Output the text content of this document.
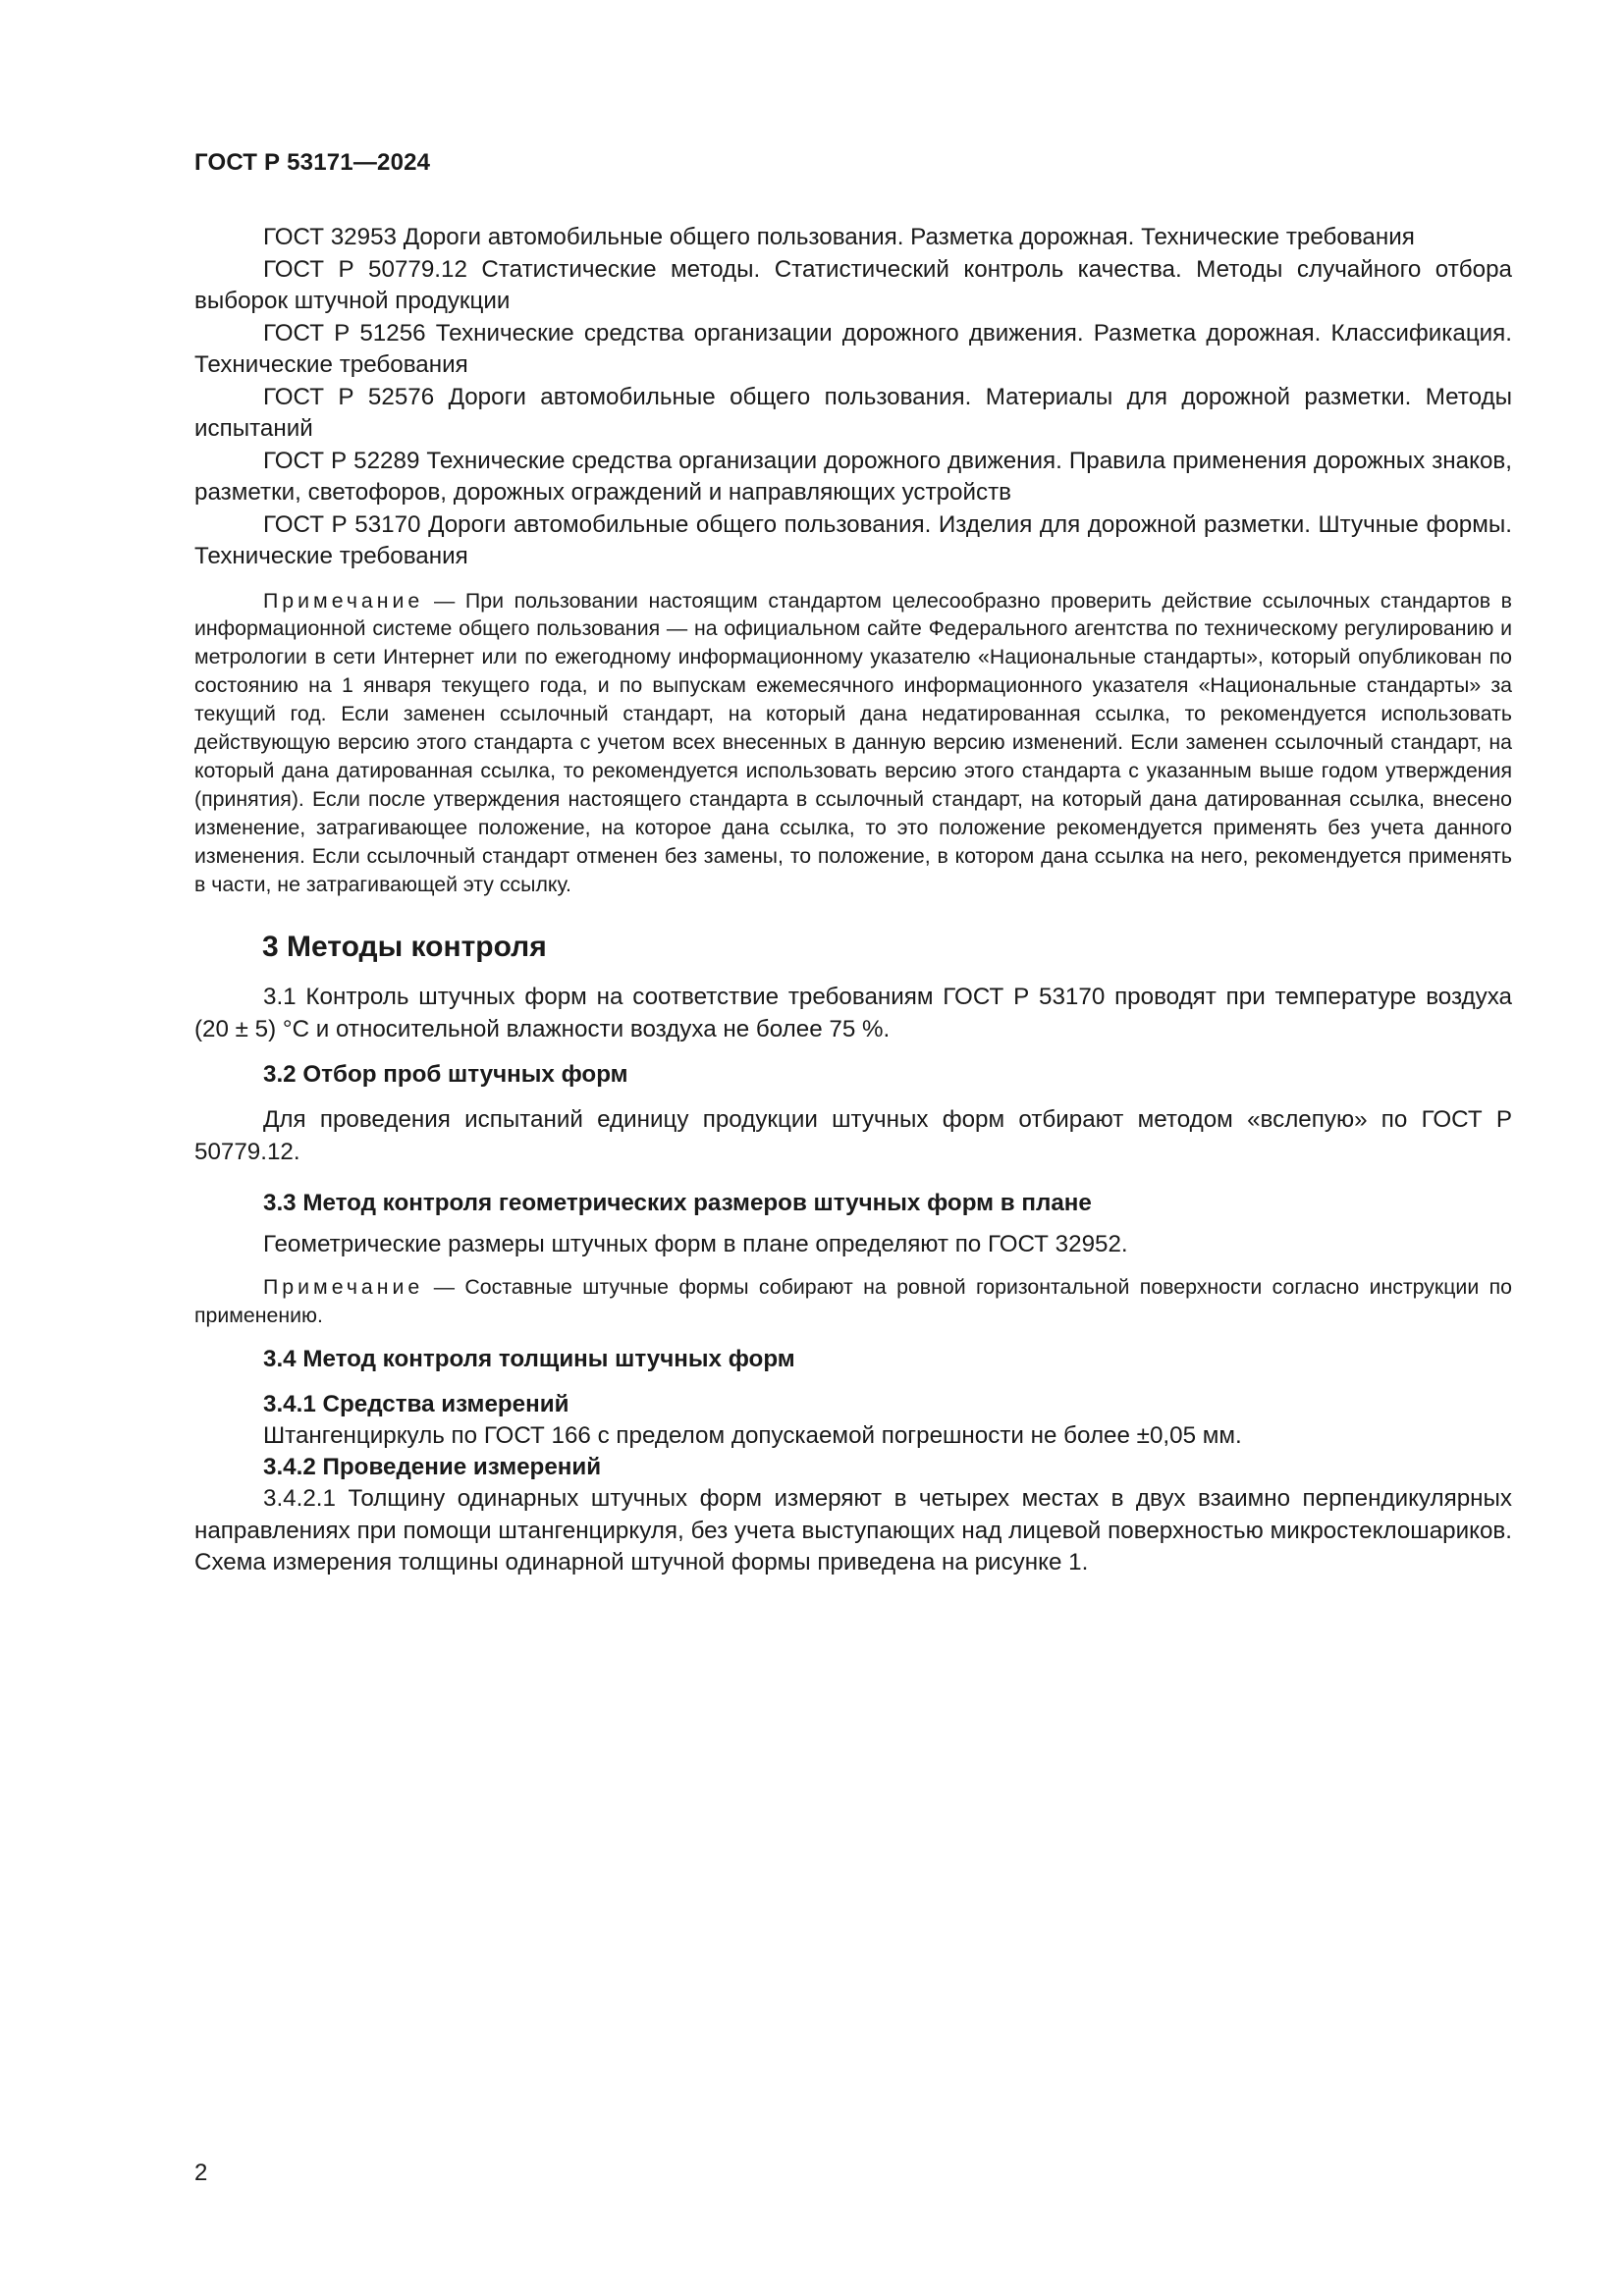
ГОСТ Р 53171—2024

ГОСТ 32953 Дороги автомобильные общего пользования. Разметка дорожная. Технические требования

ГОСТ Р 50779.12 Статистические методы. Статистический контроль качества. Методы случайного отбора выборок штучной продукции

ГОСТ Р 51256 Технические средства организации дорожного движения. Разметка дорожная. Классификация. Технические требования

ГОСТ Р 52576 Дороги автомобильные общего пользования. Материалы для дорожной разметки. Методы испытаний

ГОСТ Р 52289 Технические средства организации дорожного движения. Правила применения дорожных знаков, разметки, светофоров, дорожных ограждений и направляющих устройств

ГОСТ Р 53170 Дороги автомобильные общего пользования. Изделия для дорожной разметки. Штучные формы. Технические требования

Примечание — При пользовании настоящим стандартом целесообразно проверить действие ссылочных стандартов в информационной системе общего пользования — на официальном сайте Федерального агентства по техническому регулированию и метрологии в сети Интернет или по ежегодному информационному указателю «Национальные стандарты», который опубликован по состоянию на 1 января текущего года, и по выпускам ежемесячного информационного указателя «Национальные стандарты» за текущий год. Если заменен ссылочный стандарт, на который дана недатированная ссылка, то рекомендуется использовать действующую версию этого стандарта с учетом всех внесенных в данную версию изменений. Если заменен ссылочный стандарт, на который дана датированная ссылка, то рекомендуется использовать версию этого стандарта с указанным выше годом утверждения (принятия). Если после утверждения настоящего стандарта в ссылочный стандарт, на который дана датированная ссылка, внесено изменение, затрагивающее положение, на которое дана ссылка, то это положение рекомендуется применять без учета данного изменения. Если ссылочный стандарт отменен без замены, то положение, в котором дана ссылка на него, рекомендуется применять в части, не затрагивающей эту ссылку.

3 Методы контроля

3.1 Контроль штучных форм на соответствие требованиям ГОСТ Р 53170 проводят при температуре воздуха (20 ± 5) °С и относительной влажности воздуха не более 75 %.

3.2 Отбор проб штучных форм

Для проведения испытаний единицу продукции штучных форм отбирают методом «вслепую» по ГОСТ Р 50779.12.

3.3 Метод контроля геометрических размеров штучных форм в плане

Геометрические размеры штучных форм в плане определяют по ГОСТ 32952.

Примечание — Составные штучные формы собирают на ровной горизонтальной поверхности согласно инструкции по применению.

3.4 Метод контроля толщины штучных форм

3.4.1 Средства измерений

Штангенциркуль по ГОСТ 166 с пределом допускаемой погрешности не более ±0,05 мм.

3.4.2 Проведение измерений

3.4.2.1 Толщину одинарных штучных форм измеряют в четырех местах в двух взаимно перпендикулярных направлениях при помощи штангенциркуля, без учета выступающих над лицевой поверхностью микростеклошариков. Схема измерения толщины одинарной штучной формы приведена на рисунке 1.

2
